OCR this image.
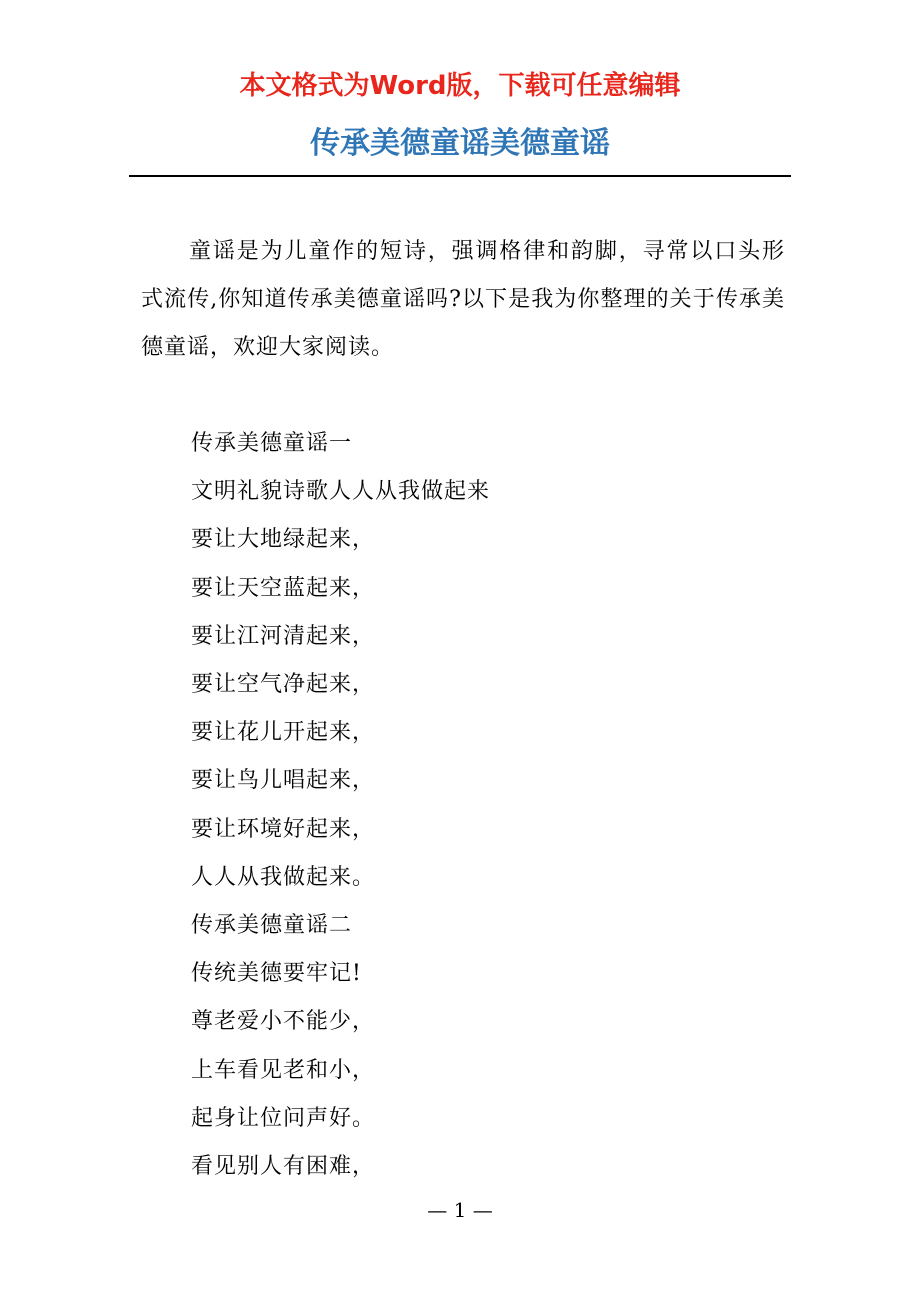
本文格式为Word版，下载可任意编辑
传承美德童谣美德童谣

童谣是为儿童作的短诗，强调格律和韵脚，寻常以口头形式流传,你知道传承美德童谣吗?以下是我为你整理的关于传承美德童谣，欢迎大家阅读。

传承美德童谣一
文明礼貌诗歌人人从我做起来
要让大地绿起来，
要让天空蓝起来，
要让江河清起来，
要让空气净起来，
要让花儿开起来，
要让鸟儿唱起来，
要让环境好起来，
人人从我做起来。
传承美德童谣二
传统美德要牢记!
尊老爱小不能少，
上车看见老和小，
起身让位问声好。
看见别人有困难，
— 1 —
